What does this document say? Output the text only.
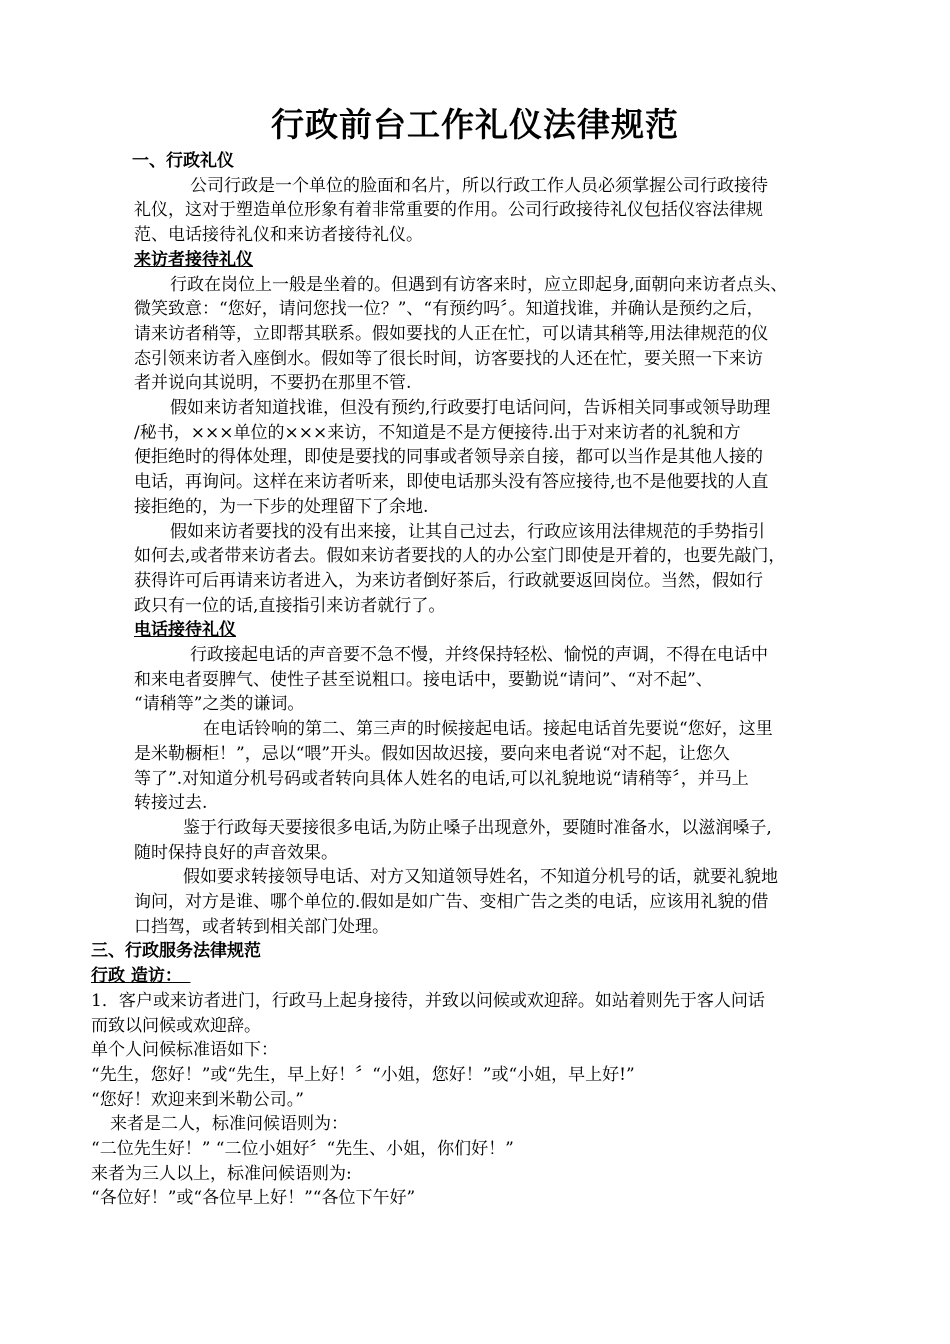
行政前台工作礼仪法律规范
一、行政礼仪
公司行政是一个单位的脸面和名片，所以行政工作人员必须掌握公司行政接待
礼仪，这对于塑造单位形象有着非常重要的作用。公司行政接待礼仪包括仪容法律规
范、电话接待礼仪和来访者接待礼仪。
来访者接待礼仪
行政在岗位上一般是坐着的。但遇到有访客来时，应立即起身,面朝向来访者点头、
微笑致意：“您好，请问您找一位？”、“有预约吗〞。知道找谁，并确认是预约之后，
请来访者稍等，立即帮其联系。假如要找的人正在忙，可以请其稍等,用法律规范的仪
态引领来访者入座倒水。假如等了很长时间，访客要找的人还在忙，要关照一下来访
者并说向其说明，不要扔在那里不管.
假如来访者知道找谁，但没有预约,行政要打电话问问，告诉相关同事或领导助理
/秘书，×××单位的×××来访，不知道是不是方便接待.出于对来访者的礼貌和方
便拒绝时的得体处理，即使是要找的同事或者领导亲自接，都可以当作是其他人接的
电话，再询问。这样在来访者听来，即使电话那头没有答应接待,也不是他要找的人直
接拒绝的，为一下步的处理留下了余地.
假如来访者要找的没有出来接，让其自己过去，行政应该用法律规范的手势指引
如何去,或者带来访者去。假如来访者要找的人的办公室门即使是开着的，也要先敲门，
获得许可后再请来访者进入，为来访者倒好茶后，行政就要返回岗位。当然，假如行
政只有一位的话,直接指引来访者就行了。
电话接待礼仪
行政接起电话的声音要不急不慢，并终保持轻松、愉悦的声调，不得在电话中
和来电者耍脾气、使性子甚至说粗口。接电话中，要勤说“请问”、“对不起”、
“请稍等”之类的谦词。
在电话铃响的第二、第三声的时候接起电话。接起电话首先要说“您好，这里
是米勒橱柜！”，忌以“喂”开头。假如因故迟接，要向来电者说“对不起，让您久
等了”.对知道分机号码或者转向具体人姓名的电话,可以礼貌地说“请稍等〞，并马上
转接过去.
鉴于行政每天要接很多电话,为防止嗓子出现意外，要随时准备水，以滋润嗓子,
随时保持良好的声音效果。
假如要求转接领导电话、对方又知道领导姓名，不知道分机号的话，就要礼貌地
询问，对方是谁、哪个单位的.假如是如广告、变相广告之类的电话，应该用礼貌的借
口挡驾，或者转到相关部门处理。
三、行政服务法律规范
行政 造访：　
1．客户或来访者进门，行政马上起身接待，并致以问候或欢迎辞。如站着则先于客人问话
而致以问候或欢迎辞。
单个人问候标准语如下：
“先生，您好！”或“先生，早上好！〞“小姐，您好！”或“小姐，早上好!”
“您好！欢迎来到米勒公司。”
来者是二人，标准问候语则为：
“二位先生好！” “二位小姐好〞“先生、小姐，你们好！”
来者为三人以上，标准问候语则为:
“各位好！”或“各位早上好！”“各位下午好”
